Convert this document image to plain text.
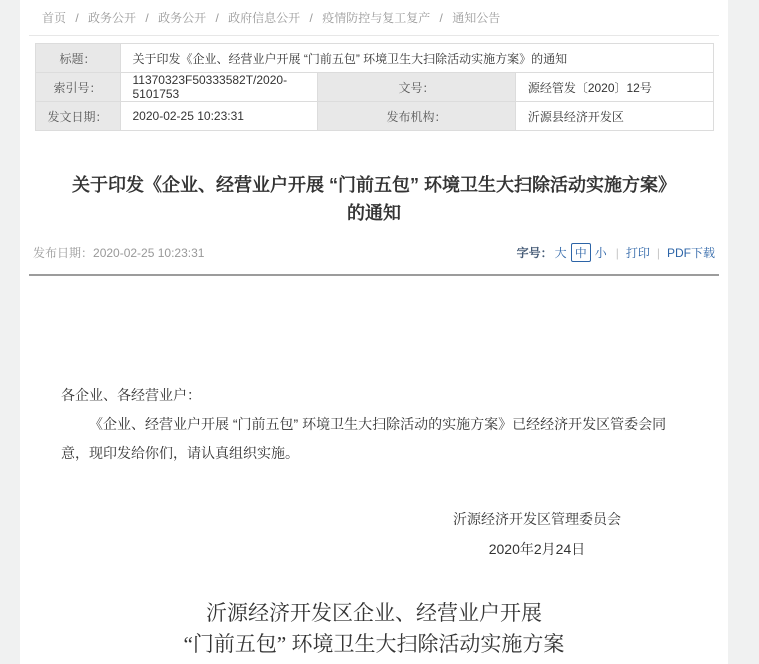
首页 / 政务公开 / 政务公开 / 政府信息公开 / 疫情防控与复工复产 / 通知公告
标题：	关于印发《企业、经营业户开展 “门前五包” 环境卫生大扫除活动实施方案》的通知		
索引号：	11370323F50333582T/2020-5101753	文号：	源经管发〔2020〕12号
发文日期：	2020-02-25 10:23:31	发布机构：	沂源县经济开发区
关于印发《企业、经营业户开展 “门前五包” 环境卫生大扫除活动实施方案》的通知
发布日期：2020-02-25 10:23:31	字号： 大 中 小 | 打印 | PDF下载

各企业、各经营业户：

《企业、经营业户开展 “门前五包” 环境卫生大扫除活动的实施方案》已经经济开发区管委会同意，现印发给你们，请认真组织实施。

沂源经济开发区管理委员会

2020年2月24日

沂源经济开发区企业、经营业户开展

“门前五包” 环境卫生大扫除活动实施方案
